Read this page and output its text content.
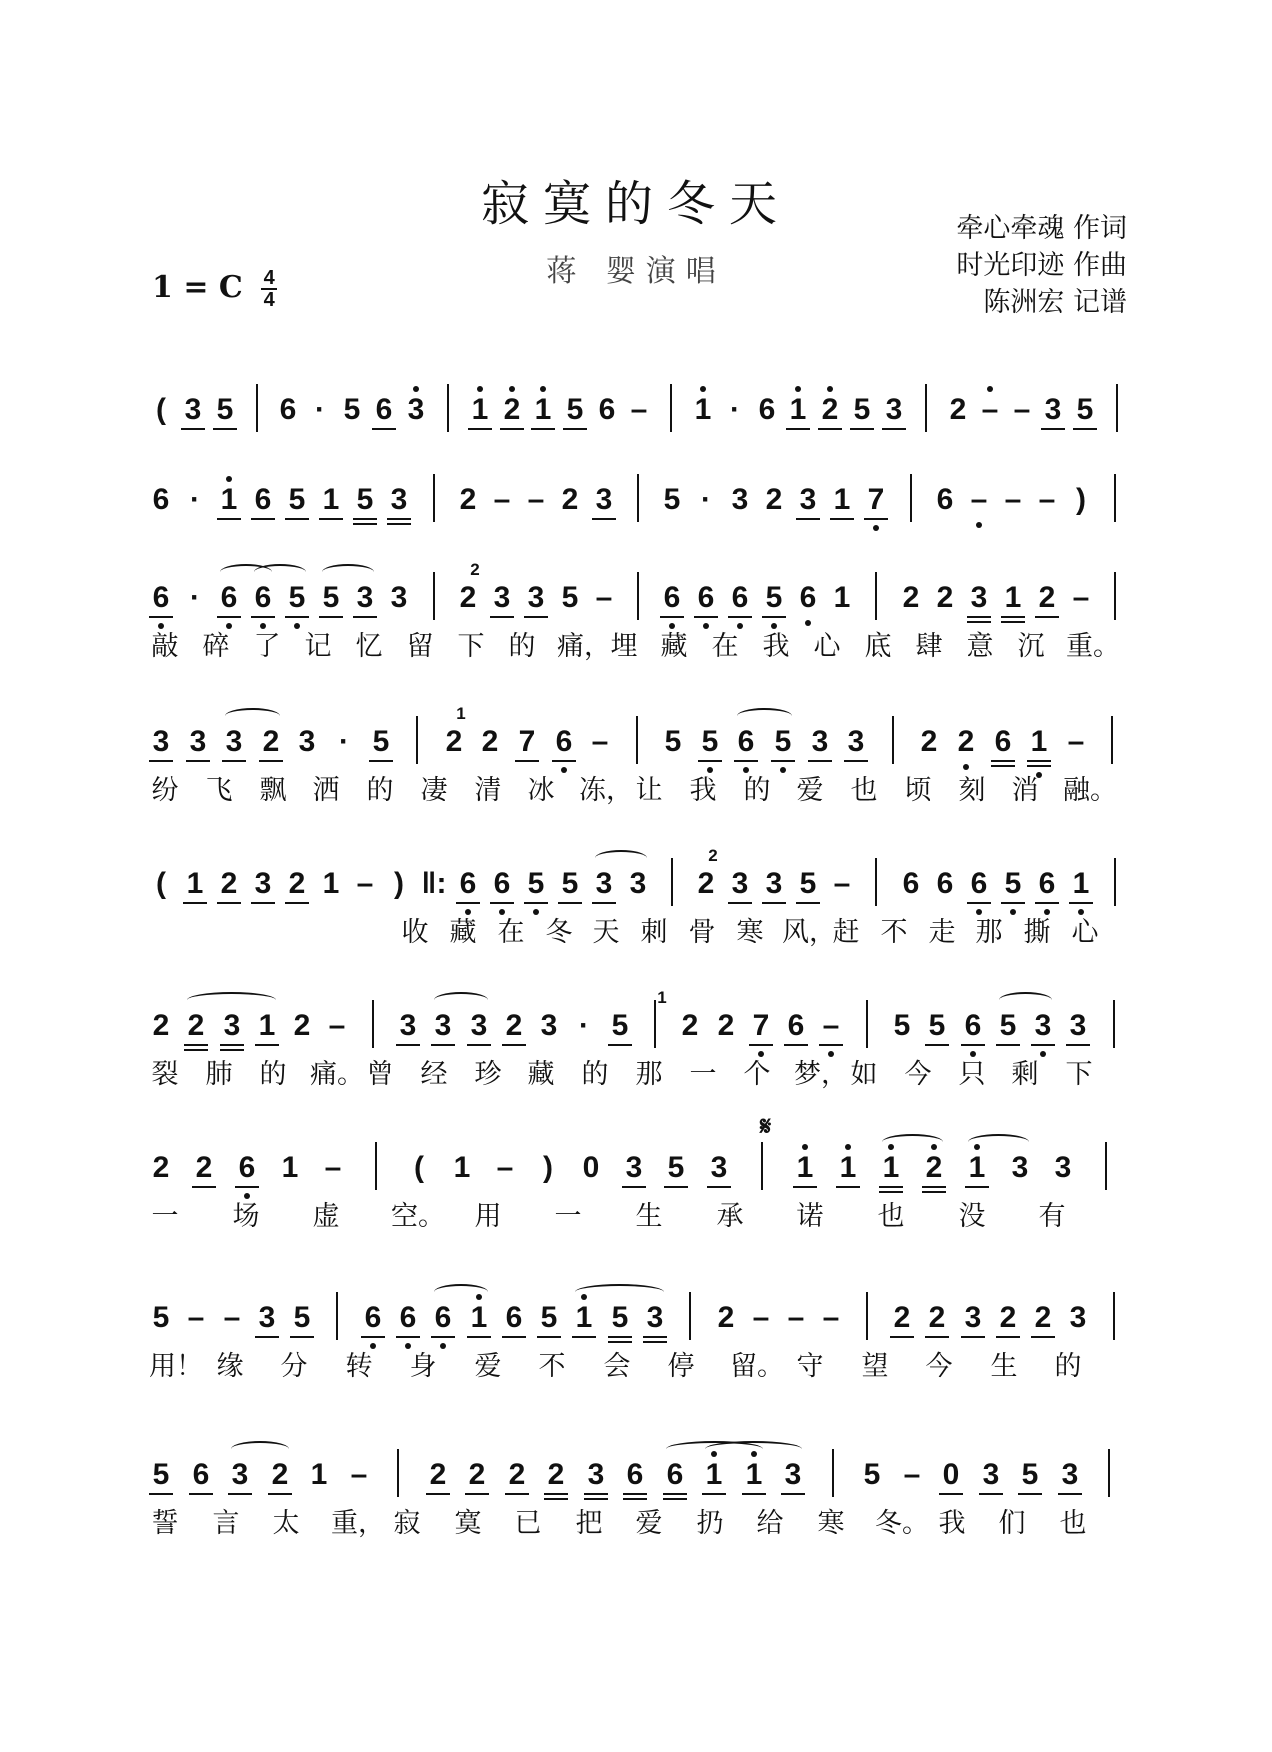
寂寞的冬天
蒋 婴演唱
牵心牵魂 作词
时光印迹 作曲
陈洲宏 记谱
1 = C $\frac{4}{4}$
𝄋
( 3 5 6 · 5 6 3 1 2 1 5 6 – 1 · 6 1 2 5 3 2 – – 3 5
6 · 1 6 5 1 5 3 2 – – 2 3 5 · 3 2 3 1 7 6 – – – )
6 · 6 6 5 5 3 3 2 3 3 5 – 6 6 6 5 6 1 2 2 3 1 2 –
2
敲 碎 了 记 忆 留 下 的 痛， 埋 藏 在 我 心 底 肆 意 沉 重。
3 3 3 2 3 · 5 2 2 7 6 – 5 5 6 5 3 3 2 2 6 1 –
1
纷 飞 飘 洒 的 凄 清 冰 冻， 让 我 的 爱 也 顷 刻 消 融。
( 1 2 3 2 1 – ) ‖: 6 6 5 5 3 3 2 3 3 5 – 6 6 6 5 6 1
2
收 藏 在 冬 天 刺 骨 寒 风，
赶 不 走 那 撕 心
2 2 3 1 2 – 3 3 3 2 3 · 5 2 2 7 6 – 5 5 6 5 3 3
1
裂 肺 的 痛。 曾 经 珍 藏 的 那 一 个 梦， 如 今 只 剩 下
2 2 6 1 – ( 1 – ) 0 3 5 3 1 1 1 2 1 3 3
一 场 虚 空。 用 一 生 承 诺 也 没 有
5 – – 3 5 6 6 6 1 6 5 1 5 3 2 – – – 2 2 3 2 2 3
用！ 缘 分 转 身 爱 不 会 停 留。 守 望 今 生 的
5 6 3 2 1 – 2 2 2 2 3 6 6 1 1 3 5 – 0 3 5 3
誓 言 太 重， 寂 寞 已 把 爱 扔 给 寒 冬。 我 们 也
